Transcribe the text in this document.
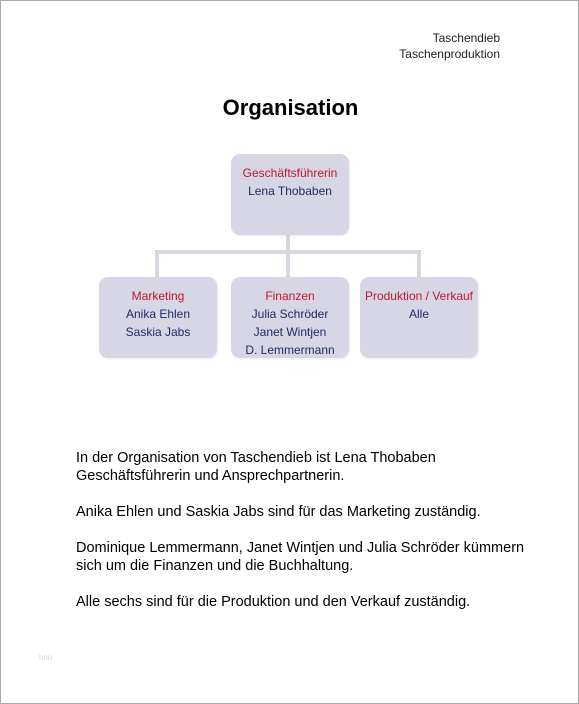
Taschendieb
Taschenproduktion
Organisation
Geschäftsführerin
Lena Thobaben
Marketing
Anika Ehlen
Saskia Jabs
Finanzen
Julia Schröder
Janet Wintjen
D. Lemmermann
Produktion / Verkauf
Alle

In der Organisation von Taschendieb ist Lena Thobaben Geschäftsführerin und Ansprechpartnerin.

Anika Ehlen und Saskia Jabs sind für das Marketing zuständig.

Dominique Lemmermann, Janet Wintjen und Julia Schröder kümmern sich um die Finanzen und die Buchhaltung.

Alle sechs sind für die Produktion und den Verkauf zuständig.

hno
